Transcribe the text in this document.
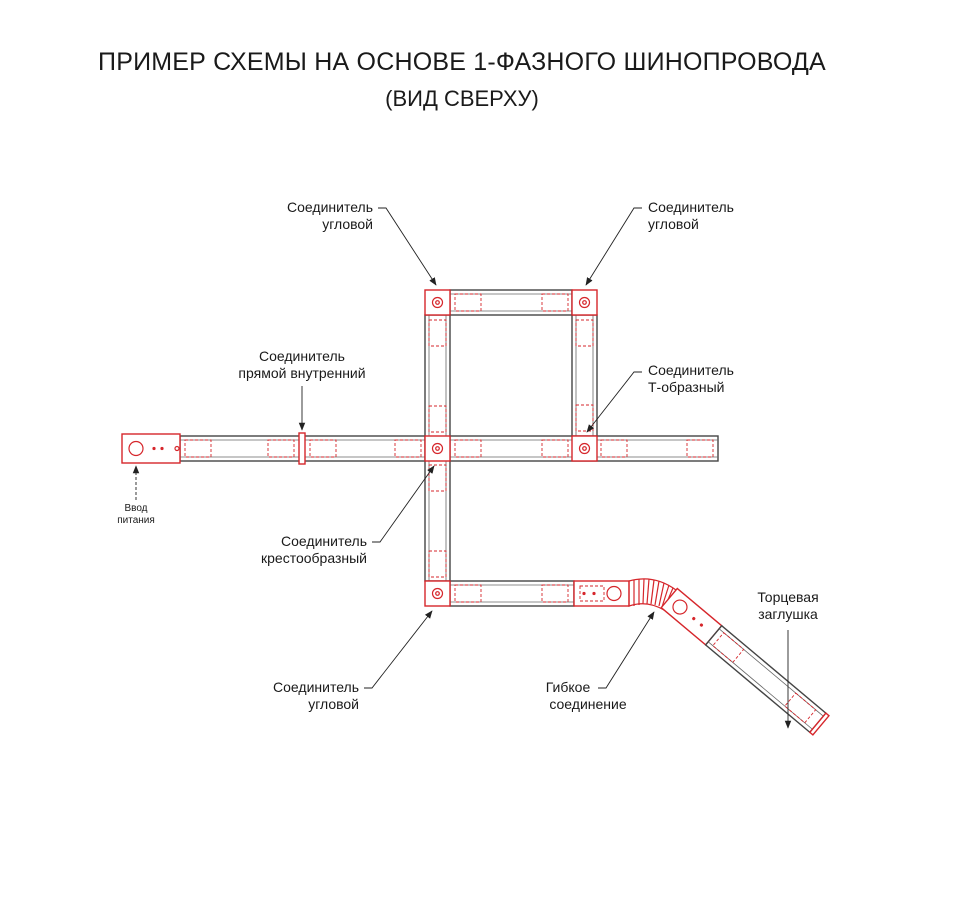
ПРИМЕР СХЕМЫ НА ОСНОВЕ 1-ФАЗНОГО ШИНОПРОВОДА
(ВИД СВЕРХУ)
Соединитель
угловой
Соединитель
угловой
Соединитель
прямой внутренний	Соединитель
Т-образный
Ввод
питания
Соединитель
крестообразный
Соединитель
угловой
Гибкое
соединение
Торцевая
заглушка
